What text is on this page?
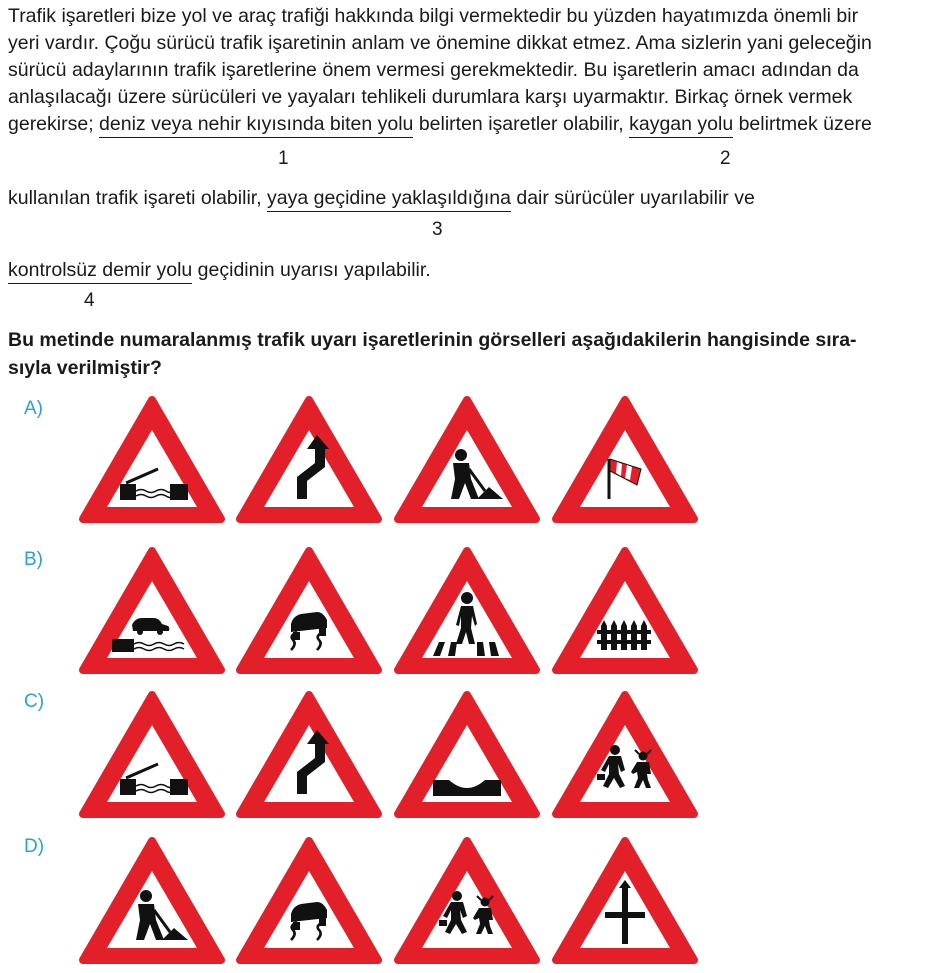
Trafik işaretleri bize yol ve araç trafiği hakkında bilgi vermektedir bu yüzden hayatımızda önemli bir
yeri vardır. Çoğu sürücü trafik işaretinin anlam ve önemine dikkat etmez. Ama sizlerin yani geleceğin
sürücü adaylarının trafik işaretlerine önem vermesi gerekmektedir. Bu işaretlerin amacı adından da
anlaşılacağı üzere sürücüleri ve yayaları tehlikeli durumlara karşı uyarmaktır. Birkaç örnek vermek
gerekirse; deniz veya nehir kıyısında biten yolu belirten işaretler olabilir, kaygan yolu belirtmek üzere
1	2
kullanılan trafik işareti olabilir, yaya geçidine yaklaşıldığına dair sürücüler uyarılabilir ve
3
kontrolsüz demir yolu geçidinin uyarısı yapılabilir.
4
Bu metinde numaralanmış trafik uyarı işaretlerinin görselleri aşağıdakilerin hangisinde sıra-
sıyla verilmiştir?
A)
B)
C)
D)
